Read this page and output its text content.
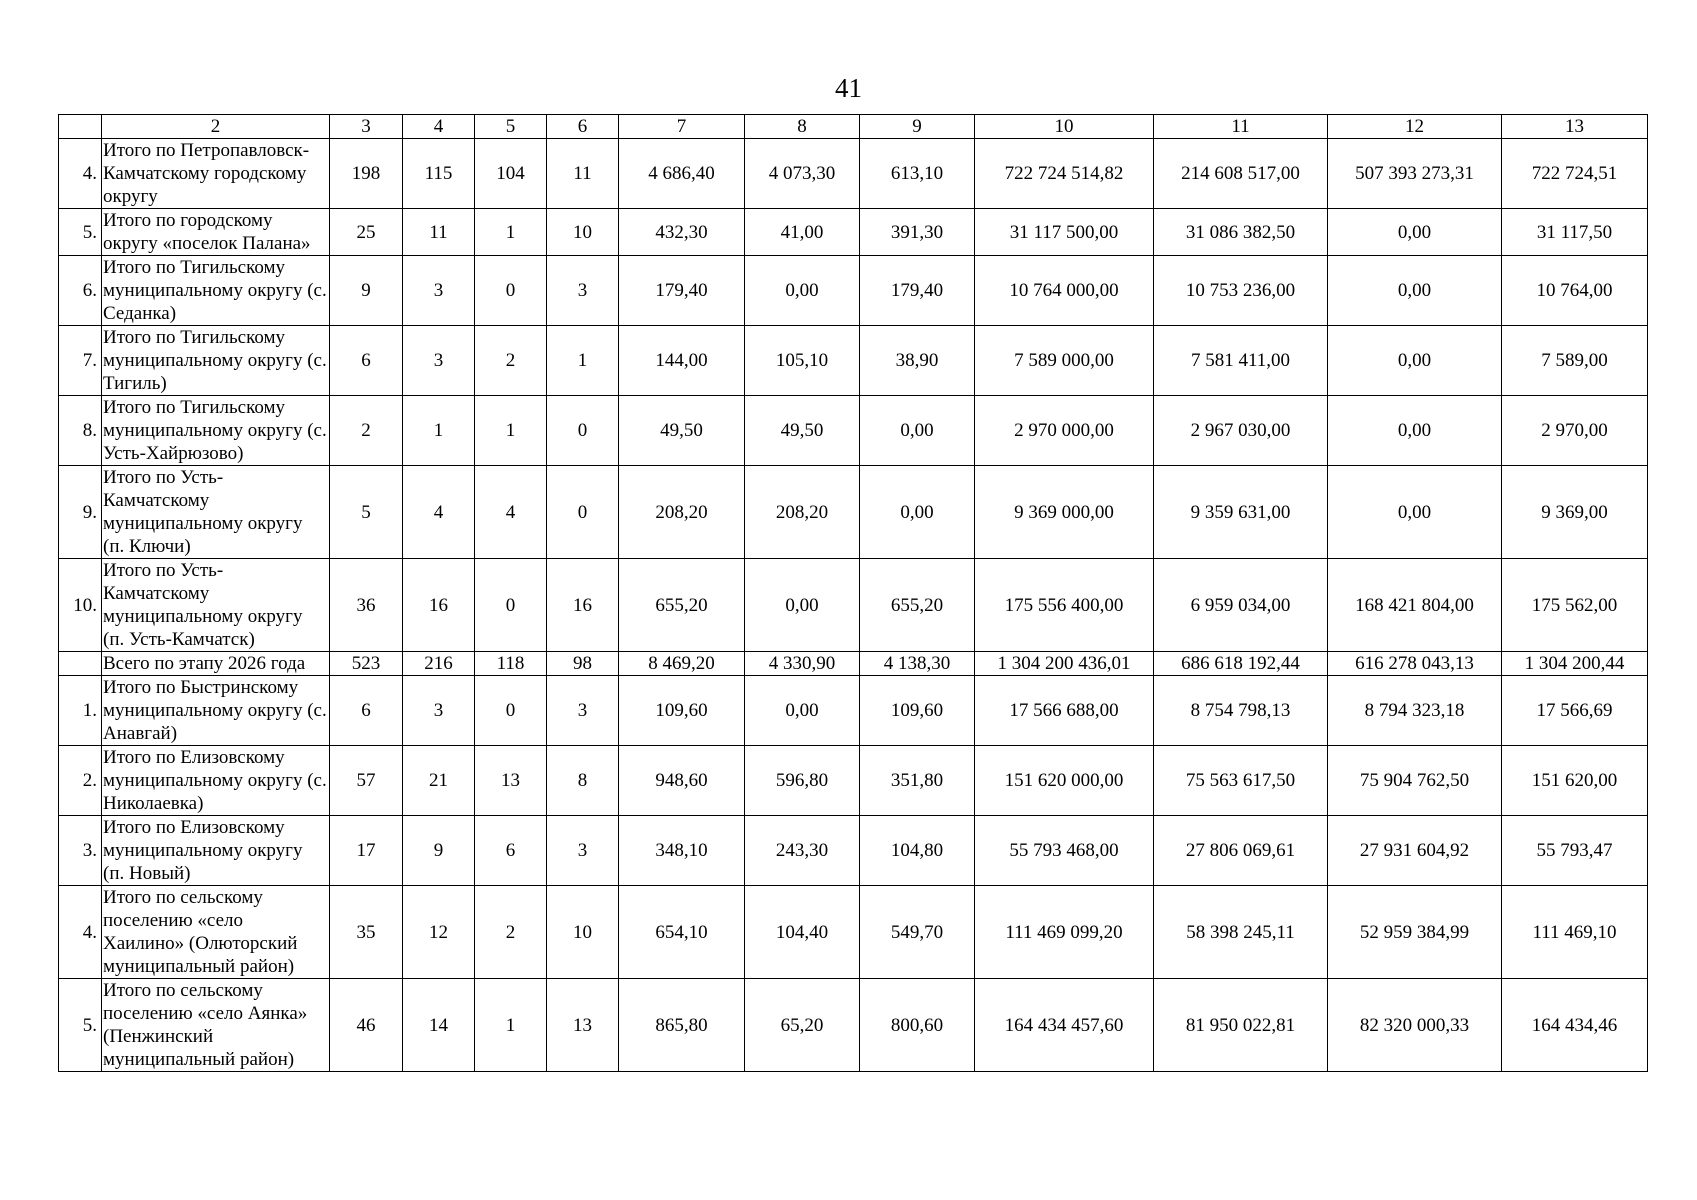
41
	2	3	4	5	6	7	8	9	10	11	12	13
4.	Итого по Петропавловск-Камчатскому городскому округу	198	115	104	11	4 686,40	4 073,30	613,10	722 724 514,82	214 608 517,00	507 393 273,31	722 724,51
5.	Итого по городскому округу «поселок Палана»	25	11	1	10	432,30	41,00	391,30	31 117 500,00	31 086 382,50	0,00	31 117,50
6.	Итого по Тигильскому муниципальному округу (с. Седанка)	9	3	0	3	179,40	0,00	179,40	10 764 000,00	10 753 236,00	0,00	10 764,00
7.	Итого по Тигильскому муниципальному округу (с. Тигиль)	6	3	2	1	144,00	105,10	38,90	7 589 000,00	7 581 411,00	0,00	7 589,00
8.	Итого по Тигильскому муниципальному округу (с. Усть-Хайрюзово)	2	1	1	0	49,50	49,50	0,00	2 970 000,00	2 967 030,00	0,00	2 970,00
9.	Итого по Усть-Камчатскому муниципальному округу (п. Ключи)	5	4	4	0	208,20	208,20	0,00	9 369 000,00	9 359 631,00	0,00	9 369,00
10.	Итого по Усть-Камчатскому муниципальному округу (п. Усть-Камчатск)	36	16	0	16	655,20	0,00	655,20	175 556 400,00	6 959 034,00	168 421 804,00	175 562,00
	Всего по этапу 2026 года	523	216	118	98	8 469,20	4 330,90	4 138,30	1 304 200 436,01	686 618 192,44	616 278 043,13	1 304 200,44
1.	Итого по Быстринскому муниципальному округу (с. Анавгай)	6	3	0	3	109,60	0,00	109,60	17 566 688,00	8 754 798,13	8 794 323,18	17 566,69
2.	Итого по Елизовскому муниципальному округу (с. Николаевка)	57	21	13	8	948,60	596,80	351,80	151 620 000,00	75 563 617,50	75 904 762,50	151 620,00
3.	Итого по Елизовскому муниципальному округу (п. Новый)	17	9	6	3	348,10	243,30	104,80	55 793 468,00	27 806 069,61	27 931 604,92	55 793,47
4.	Итого по сельскому поселению «село Хаилино» (Олюторский муниципальный район)	35	12	2	10	654,10	104,40	549,70	111 469 099,20	58 398 245,11	52 959 384,99	111 469,10
5.	Итого по сельскому поселению «село Аянка» (Пенжинский муниципальный район)	46	14	1	13	865,80	65,20	800,60	164 434 457,60	81 950 022,81	82 320 000,33	164 434,46
